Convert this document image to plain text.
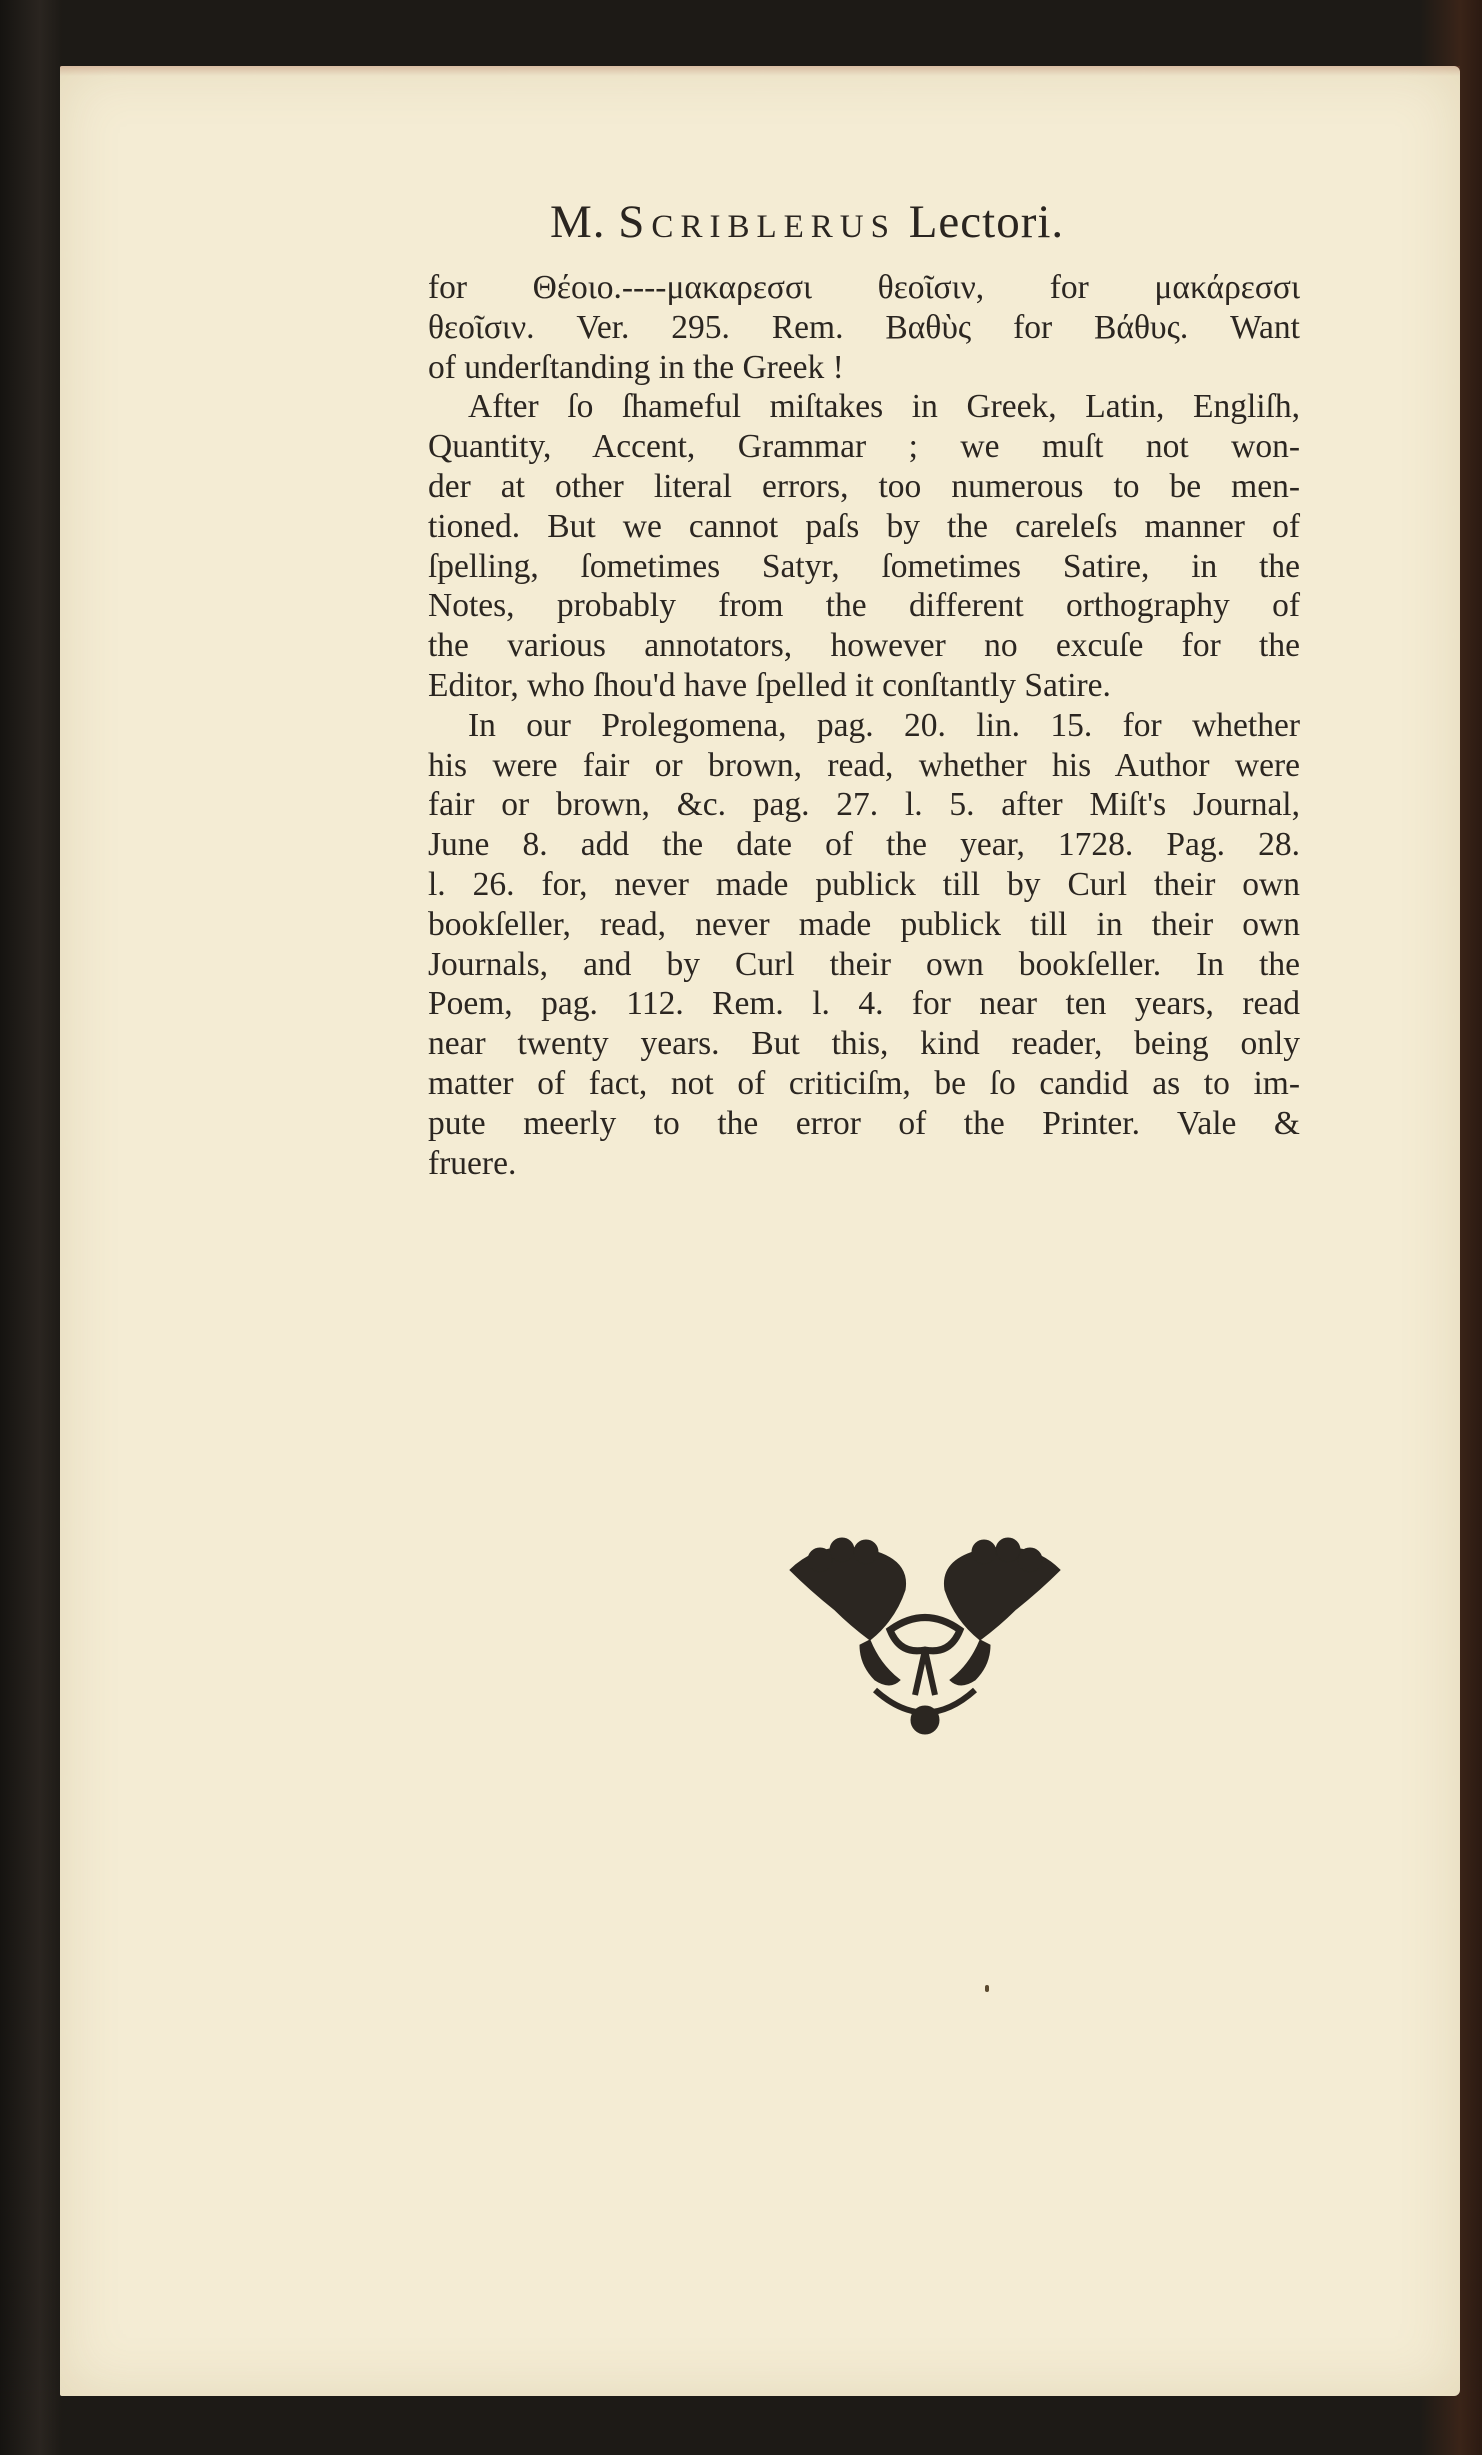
M. Scriblerus Lectori.
for Θέοιο.----μακαρεσσι θεοῖσιν, for μακάρεσσι
θεοῖσιν. Ver. 295. Rem. Βαθὺς for Βάθυς. Want
of underſtanding in the Greek !
After ſo ſhameful miſtakes in Greek, Latin, Engliſh,
Quantity, Accent, Grammar ; we muſt not won-
der at other literal errors, too numerous to be men-
tioned. But we cannot paſs by the careleſs manner of
ſpelling, ſometimes Satyr, ſometimes Satire, in the
Notes, probably from the different orthography of
the various annotators, however no excuſe for the
Editor, who ſhou'd have ſpelled it conſtantly Satire.
In our Prolegomena, pag. 20. lin. 15. for whether
his were fair or brown, read, whether his Author were
fair or brown, &c. pag. 27. l. 5. after Miſt's Journal,
June 8. add the date of the year, 1728. Pag. 28.
l. 26. for, never made publick till by Curl their own
bookſeller, read, never made publick till in their own
Journals, and by Curl their own bookſeller. In the
Poem, pag. 112. Rem. l. 4. for near ten years, read
near twenty years. But this, kind reader, being only
matter of fact, not of criticiſm, be ſo candid as to im-
pute meerly to the error of the Printer. Vale &
fruere.
